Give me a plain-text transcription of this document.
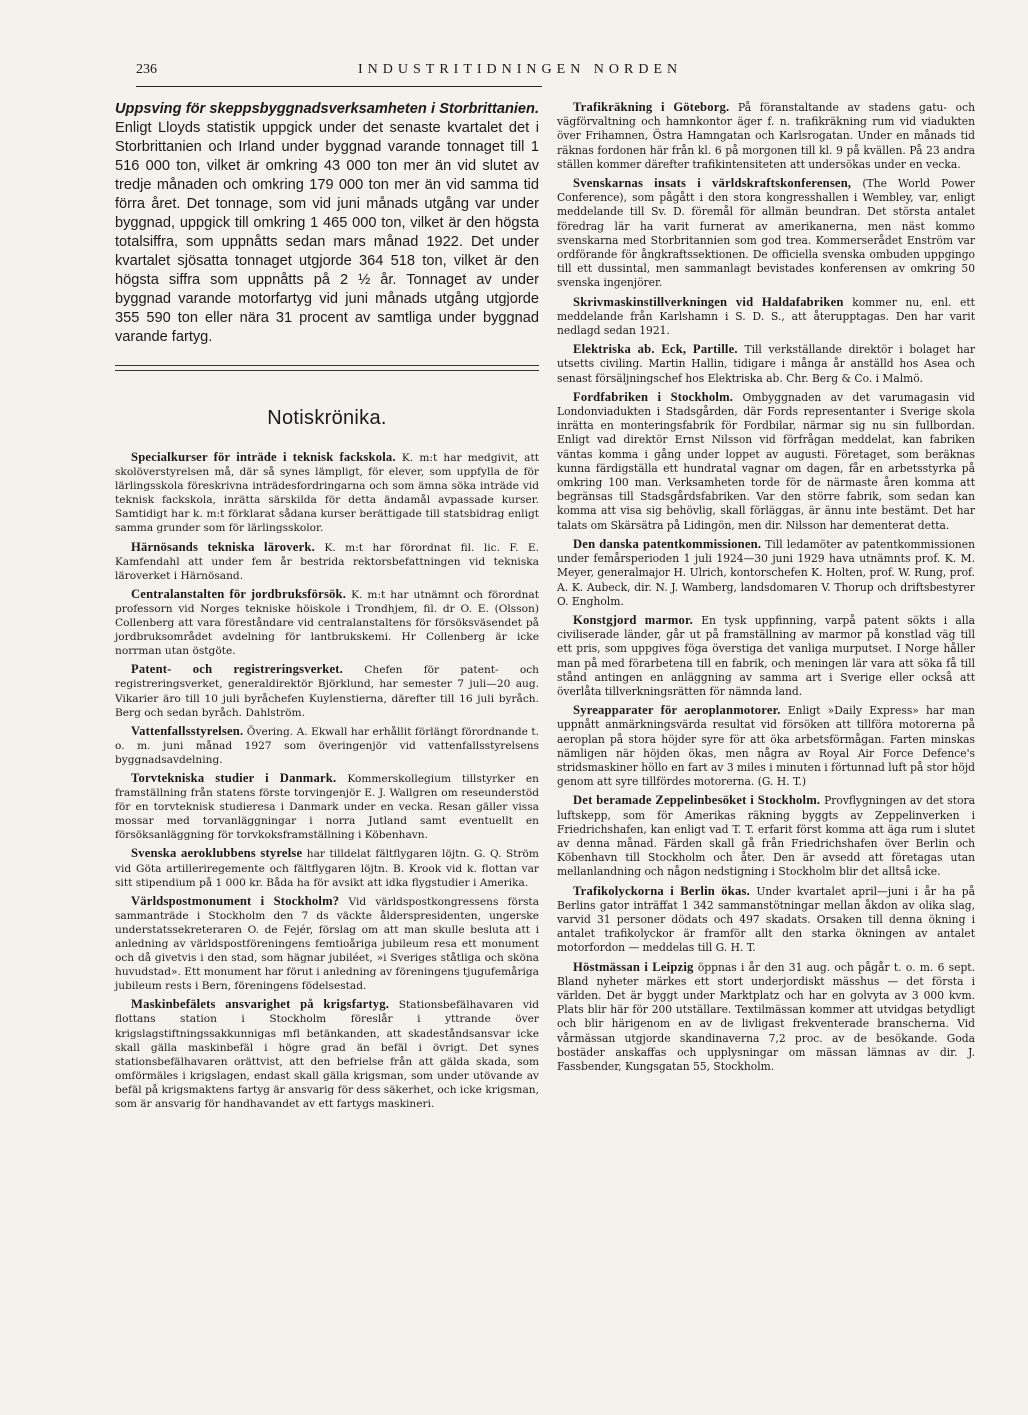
236	INDUSTRITIDNINGEN NORDEN

Uppsving för skeppsbyggnadsverksamheten i Storbrittanien. Enligt Lloyds statistik uppgick under det senaste kvartalet det i Storbrittanien och Irland under byggnad varande tonnaget till 1 516 000 ton, vilket är omkring 43 000 ton mer än vid slutet av tredje månaden och omkring 179 000 ton mer än vid samma tid förra året. Det tonnage, som vid juni månads utgång var under byggnad, uppgick till omkring 1 465 000 ton, vilket är den högsta totalsiffra, som uppnåtts sedan mars månad 1922. Det under kvartalet sjösatta tonnaget utgjorde 364 518 ton, vilket är den högsta siffra som uppnåtts på 2 ½ år. Tonnaget av under byggnad varande motorfartyg vid juni månads utgång utgjorde 355 590 ton eller nära 31 procent av samtliga under byggnad varande fartyg.

Notiskrönika.

Specialkurser för inträde i teknisk fackskola. K. m:t har medgivit, att skolöverstyrelsen må, där så synes lämpligt, för elever, som uppfylla de för lärlingsskola föreskrivna inträdesfordringarna och som ämna söka inträde vid teknisk fackskola, inrätta särskilda för detta ändamål avpassade kurser. Samtidigt har k. m:t förklarat sådana kurser berättigade till statsbidrag enligt samma grunder som för lärlingsskolor.

Härnösands tekniska läroverk. K. m:t har förordnat fil. lic. F. E. Kamfendahl att under fem år bestrida rektorsbefattningen vid tekniska läroverket i Härnösand.

Centralanstalten för jordbruksförsök. K. m:t har utnämnt och förordnat professorn vid Norges tekniske höiskole i Trondhjem, fil. dr O. E. (Olsson) Collenberg att vara föreståndare vid centralanstaltens för försöksväsendet på jordbruksområdet avdelning för lantbrukskemi. Hr Collenberg är icke norrman utan östgöte.

Patent- och registreringsverket. Chefen för patent- och registreringsverket, generaldirektör Björklund, har semester 7 juli—20 aug. Vikarier äro till 10 juli byråchefen Kuylenstierna, därefter till 16 juli byråch. Berg och sedan byråch. Dahlström.

Vattenfallsstyrelsen. Övering. A. Ekwall har erhållit förlängt förordnande t. o. m. juni månad 1927 som överingenjör vid vattenfallsstyrelsens byggnadsavdelning.

Torvtekniska studier i Danmark. Kommerskollegium tillstyrker en framställning från statens förste torvingenjör E. J. Wallgren om reseunderstöd för en torvteknisk studieresa i Danmark under en vecka. Resan gäller vissa mossar med torvanläggningar i norra Jutland samt eventuellt en försöksanläggning för torvkoksframställning i Köbenhavn.

Svenska aeroklubbens styrelse har tilldelat fältflygaren löjtn. G. Q. Ström vid Göta artilleriregemente och fältflygaren löjtn. B. Krook vid k. flottan var sitt stipendium på 1 000 kr. Båda ha för avsikt att idka flygstudier i Amerika.

Världspostmonument i Stockholm? Vid världspostkongressens första sammanträde i Stockholm den 7 ds väckte ålderspresidenten, ungerske understatssekreteraren O. de Fejér, förslag om att man skulle besluta att i anledning av världspostföreningens femtioåriga jubileum resa ett monument och då givetvis i den stad, som hägnar jubiléet, »i Sveriges ståtliga och sköna huvudstad». Ett monument har förut i anledning av föreningens tjugufemåriga jubileum rests i Bern, föreningens födelsestad.

Maskinbefälets ansvarighet på krigsfartyg. Stationsbefälhavaren vid flottans station i Stockholm föreslår i yttrande över krigslagstiftningssakkunnigas mfl betänkanden, att skadeståndsansvar icke skall gälla maskinbefäl i högre grad än befäl i övrigt. Det synes stationsbefälhavaren orättvist, att den befrielse från att gälda skada, som omförmäles i krigslagen, endast skall gälla krigsman, som under utövande av befäl på krigsmaktens fartyg är ansvarig för dess säkerhet, och icke krigsman, som är ansvarig för handhavandet av ett fartygs maskineri.

Trafikräkning i Göteborg. På föranstaltande av stadens gatu- och vägförvaltning och hamnkontor äger f. n. trafikräkning rum vid viadukten över Frihamnen, Östra Hamngatan och Karlsrogatan. Under en månads tid räknas fordonen här från kl. 6 på morgonen till kl. 9 på kvällen. På 23 andra ställen kommer därefter trafikintensiteten att undersökas under en vecka.

Svenskarnas insats i världskraftskonferensen, (The World Power Conference), som pågått i den stora kongresshallen i Wembley, var, enligt meddelande till Sv. D. föremål för allmän beundran. Det största antalet föredrag lär ha varit furnerat av amerikanerna, men näst kommo svenskarna med Storbritannien som god trea. Kommerserådet Enström var ordförande för ångkraftssektionen. De officiella svenska ombuden uppgingo till ett dussintal, men sammanlagt bevistades konferensen av omkring 50 svenska ingenjörer.

Skrivmaskinstillverkningen vid Haldafabriken kommer nu, enl. ett meddelande från Karlshamn i S. D. S., att återupptagas. Den har varit nedlagd sedan 1921.

Elektriska ab. Eck, Partille. Till verkställande direktör i bolaget har utsetts civiling. Martin Hallin, tidigare i många år anställd hos Asea och senast försäljningschef hos Elektriska ab. Chr. Berg & Co. i Malmö.

Fordfabriken i Stockholm. Ombyggnaden av det varumagasin vid Londonviadukten i Stadsgården, där Fords representanter i Sverige skola inrätta en monteringsfabrik för Fordbilar, närmar sig nu sin fullbordan. Enligt vad direktör Ernst Nilsson vid förfrågan meddelat, kan fabriken väntas komma i gång under loppet av augusti. Företaget, som beräknas kunna färdigställa ett hundratal vagnar om dagen, får en arbetsstyrka på omkring 100 man. Verksamheten torde för de närmaste åren komma att begränsas till Stadsgårdsfabriken. Var den större fabrik, som sedan kan komma att visa sig behövlig, skall förläggas, är ännu inte bestämt. Det har talats om Skärsätra på Lidingön, men dir. Nilsson har dementerat detta.

Den danska patentkommissionen. Till ledamöter av patentkommissionen under femårsperioden 1 juli 1924—30 juni 1929 hava utnämnts prof. K. M. Meyer, generalmajor H. Ulrich, kontorschefen K. Holten, prof. W. Rung, prof. A. K. Aubeck, dir. N. J. Wamberg, landsdomaren V. Thorup och driftsbestyrer O. Engholm.

Konstgjord marmor. En tysk uppfinning, varpå patent sökts i alla civiliserade länder, går ut på framställning av marmor på konstlad väg till ett pris, som uppgives föga överstiga det vanliga murputset. I Norge håller man på med förarbetena till en fabrik, och meningen lär vara att söka få till stånd antingen en anläggning av samma art i Sverige eller också att överlåta tillverkningsrätten för nämnda land.

Syreapparater för aeroplanmotorer. Enligt »Daily Express» har man uppnått anmärkningsvärda resultat vid försöken att tillföra motorerna på aeroplan på stora höjder syre för att öka arbetsförmågan. Farten minskas nämligen när höjden ökas, men några av Royal Air Force Defence's stridsmaskiner höllo en fart av 3 miles i minuten i förtunnad luft på stor höjd genom att syre tillfördes motorerna. (G. H. T.)

Det beramade Zeppelinbesöket i Stockholm. Provflygningen av det stora luftskepp, som för Amerikas räkning byggts av Zeppelinverken i Friedrichshafen, kan enligt vad T. T. erfarit först komma att äga rum i slutet av denna månad. Färden skall gå från Friedrichshafen över Berlin och Köbenhavn till Stockholm och åter. Den är avsedd att företagas utan mellanlandning och någon nedstigning i Stockholm blir det alltså icke.

Trafikolyckorna i Berlin ökas. Under kvartalet april—juni i år ha på Berlins gator inträffat 1 342 sammanstötningar mellan åkdon av olika slag, varvid 31 personer dödats och 497 skadats. Orsaken till denna ökning i antalet trafikolyckor är framför allt den starka ökningen av antalet motorfordon — meddelas till G. H. T.

Höstmässan i Leipzig öppnas i år den 31 aug. och pågår t. o. m. 6 sept. Bland nyheter märkes ett stort underjordiskt mässhus — det första i världen. Det är byggt under Marktplatz och har en golvyta av 3 000 kvm. Plats blir här för 200 utställare. Textilmässan kommer att utvidgas betydligt och blir härigenom en av de livligast frekventerade branscherna. Vid vårmässan utgjorde skandinaverna 7,2 proc. av de besökande. Goda bostäder anskaffas och upplysningar om mässan lämnas av dir. J. Fassbender, Kungsgatan 55, Stockholm.
